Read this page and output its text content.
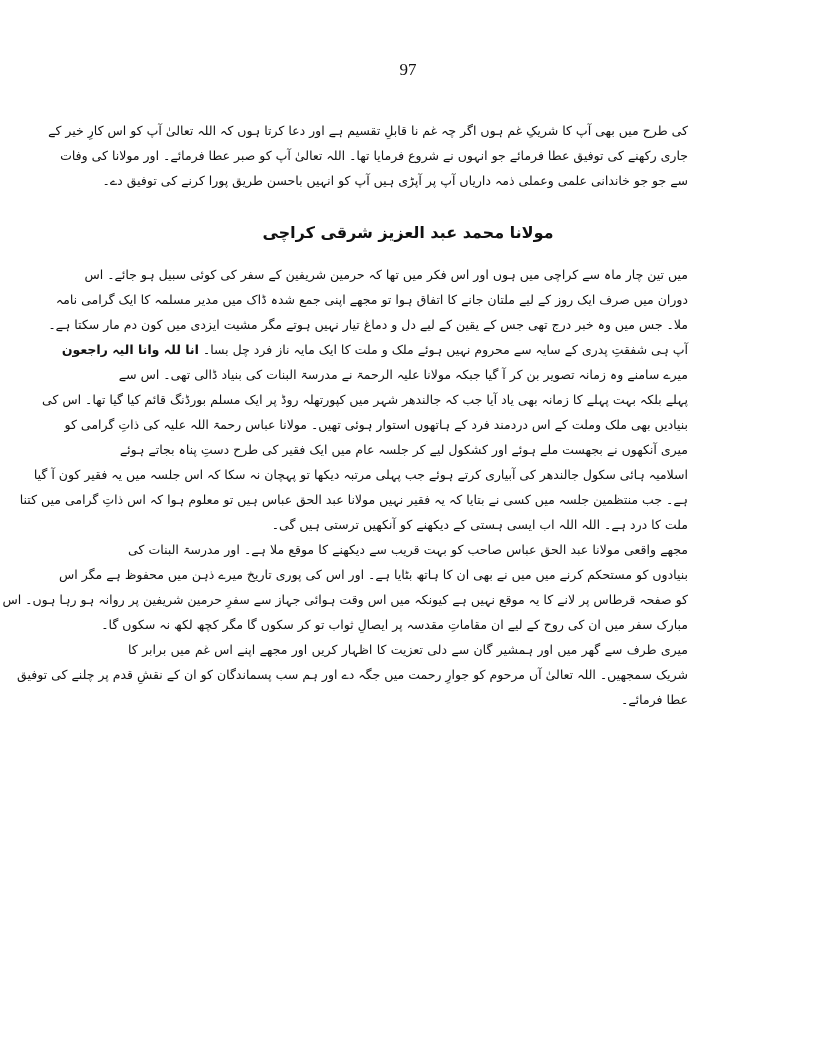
97
کی طرح میں بھی آپ کا شریکِ غم ہوں اگر چہ غم نا قابلِ تقسیم ہے اور دعا کرتا ہوں کہ اللہ تعالیٰ آپ کو اس کارِ خیر کے
جاری رکھنے کی توفیق عطا فرمائے جو انہوں نے شروع فرمایا تھا۔ اللہ تعالیٰ آپ کو صبر عطا فرمائے۔ اور مولانا کی وفات
سے جو جو خاندانی علمی وعملی ذمہ داریاں آپ پر آپڑی ہیں آپ کو انہیں باحسن طریق پورا کرنے کی توفیق دے۔
مولانا محمد عبد العزیز شرقی کراچی
میں تین چار ماہ سے کراچی میں ہوں اور اس فکر میں تھا کہ حرمین شریفین کے سفر کی کوئی سبیل ہو جائے۔ اس
دوران میں صرف ایک روز کے لیے ملتان جانے کا اتفاق ہوا تو مجھے اپنی جمع شدہ ڈاک میں مدیر مسلمہ کا ایک گرامی نامہ
ملا۔ جس میں وہ خبر درج تھی جس کے یقین کے لیے دل و دماغ تیار نہیں ہوتے مگر مشیت ایزدی میں کون دم مار سکتا ہے۔
آپ ہی شفقتِ پدری کے سایہ سے محروم نہیں ہوئے ملک و ملت کا ایک مایہ ناز فرد چل بسا۔ انا للہ وانا الیہ راجعون
میرے سامنے وہ زمانہ تصویر بن کر آ گیا جبکہ مولانا علیہ الرحمۃ نے مدرسۃ البنات کی بنیاد ڈالی تھی۔ اس سے
پہلے بلکہ بہت پہلے کا زمانہ بھی یاد آیا جب کہ جالندھر شہر میں کپورتھلہ روڈ پر ایک مسلم بورڈنگ قائم کیا گیا تھا۔ اس کی
بنیادیں بھی ملک وملت کے اس دردمند فرد کے ہاتھوں استوار ہوئی تھیں۔ مولانا عباس رحمۃ اللہ علیہ کی ذاتِ گرامی کو
میری آنکھوں نے بجھست ملے ہوئے اور کشکول لیے کر جلسہ عام میں ایک فقیر کی طرح دستِ پناہ بجاتے ہوئے
اسلامیہ ہائی سکول جالندھر کی آبیاری کرتے ہوئے جب پہلی مرتبہ دیکھا تو پہچان نہ سکا کہ اس جلسہ میں یہ فقیر کون آ گیا
ہے۔ جب منتظمین جلسہ میں کسی نے بتایا کہ یہ فقیر نہیں مولانا عبد الحق عباس ہیں تو معلوم ہوا کہ اس ذاتِ گرامی میں کتنا
ملت کا درد ہے۔ اللہ اللہ اب ایسی ہستی کے دیکھنے کو آنکھیں ترستی ہیں گی۔
مجھے واقعی مولانا عبد الحق عباس صاحب کو بہت قریب سے دیکھنے کا موقع ملا ہے۔ اور مدرسۃ البنات کی
بنیادوں کو مستحکم کرنے میں میں نے بھی ان کا ہاتھ بٹایا ہے۔ اور اس کی پوری تاریخ میرے ذہن میں محفوظ ہے مگر اس
کو صفحہ قرطاس پر لانے کا یہ موقع نہیں ہے کیونکہ میں اس وقت ہوائی جہاز سے سفرِ حرمین شریفین پر روانہ ہو رہا ہوں۔ اس
مبارک سفر میں ان کی روح کے لیے ان مقاماتِ مقدسہ پر ایصالِ ثواب تو کر سکوں گا مگر کچھ لکھ نہ سکوں گا۔
میری طرف سے گھر میں اور ہمشیر گان سے دلی تعزیت کا اظہار کریں اور مجھے اپنے اس غم میں برابر کا
شریک سمجھیں۔ اللہ تعالیٰ آں مرحوم کو جوارِ رحمت میں جگہ دے اور ہم سب پسماندگان کو ان کے نقشِ قدم پر چلنے کی توفیق
عطا فرمائے۔
